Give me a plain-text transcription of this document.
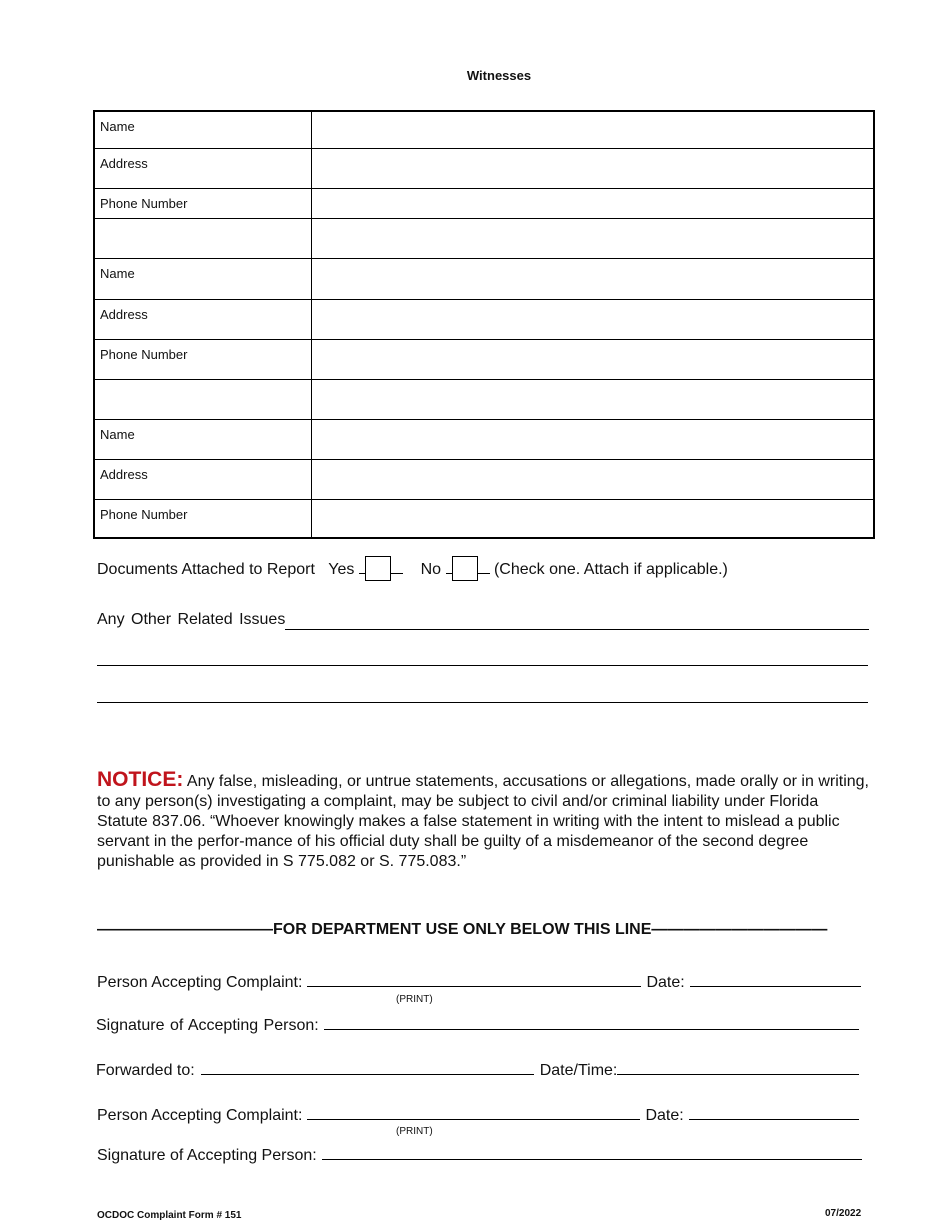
Witnesses
Name	
Address	
Phone Number	

Name	
Address	
Phone Number	

Name	
Address	
Phone Number	
Documents Attached to Report Yes	No	(Check one. Attach if applicable.)
Any Other Related Issues

NOTICE: Any false, misleading, or untrue statements, accusations or allegations, made orally or in writing, to any person(s) investigating a complaint, may be subject to civil and/or criminal liability under Florida Statute 837.06. “Whoever knowingly makes a false statement in writing with the intent to mislead a public servant in the perfor-mance of his official duty shall be guilty of a misdemeanor of the second degree punishable as provided in S 775.082 or S. 775.083.”
———————————FOR DEPARTMENT USE ONLY BELOW THIS LINE———————————
Person Accepting Complaint:	Date:
(PRINT)
Signature of Accepting Person:
Forwarded to:	Date/Time:
Person Accepting Complaint:	Date:
(PRINT)
Signature of Accepting Person:
OCDOC Complaint Form # 151	07/2022
